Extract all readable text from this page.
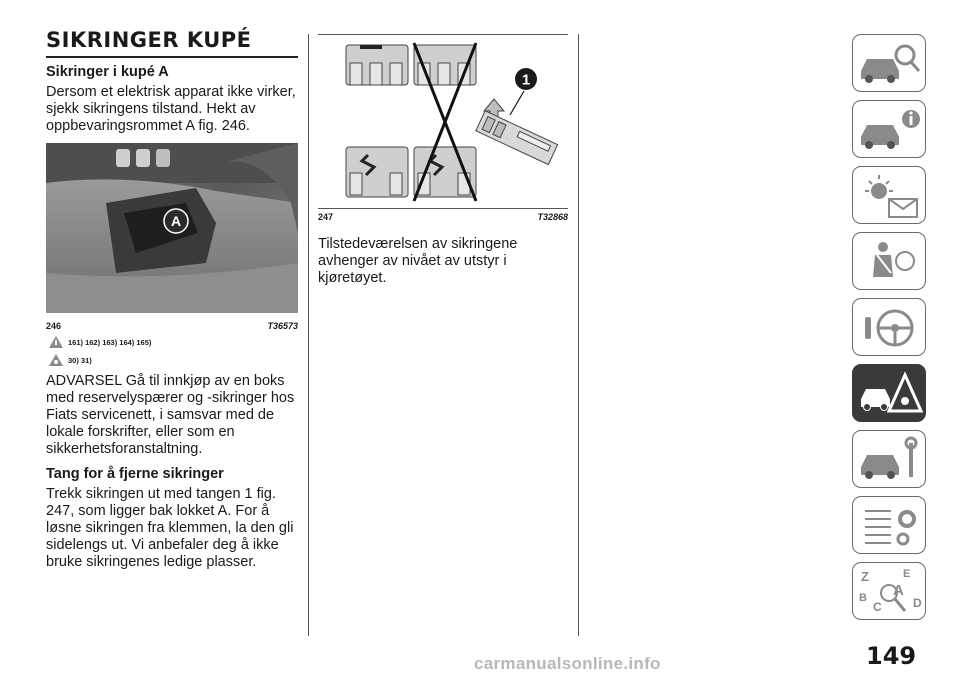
SIKRINGER KUPÉ
Sikringer i kupé A

Dersom et elektrisk apparat ikke virker, sjekk sikringens tilstand. Hekt av oppbevaringsrommet A fig. 246.

A
246	T36573
161) 162) 163) 164) 165)
30) 31)

ADVARSEL Gå til innkjøp av en boks med reservelyspærer og -sikringer hos Fiats servicenett, i samsvar med de lokale forskrifter, eller som en sikkerhetsforanstaltning.

Tang for å fjerne sikringer

Trekk sikringen ut med tangen 1 fig. 247, som ligger bak lokket A. For å løsne sikringen fra klemmen, la den gli sidelengs ut. Vi anbefaler deg å ikke bruke sikringenes ledige plasser.

1
247	T32868

Tilstedeværelsen av sikringene avhenger av nivået av utstyr i kjøretøyet.

Z	E
B A
D
C
149
carmanualsonline.info
